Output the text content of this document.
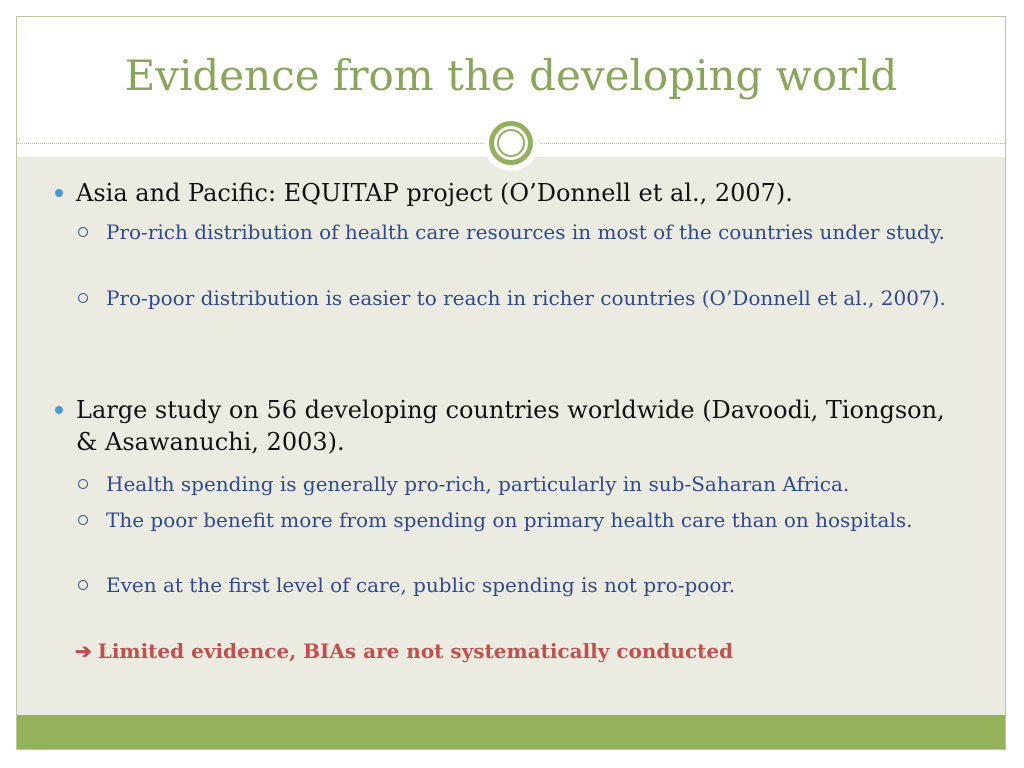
Evidence from the developing world
Asia and Pacific: EQUITAP project (O’Donnell et al., 2007).
Pro-rich distribution of health care resources in most of the countries under study.
Pro-poor distribution is easier to reach in richer countries (O’Donnell et al., 2007).
Large study on 56 developing countries worldwide (Davoodi, Tiongson, & Asawanuchi, 2003).
Health spending is generally pro-rich, particularly in sub-Saharan Africa.
The poor benefit more from spending on primary health care than on hospitals.
Even at the first level of care, public spending is not pro-poor.
➔ Limited evidence, BIAs are not systematically conducted
